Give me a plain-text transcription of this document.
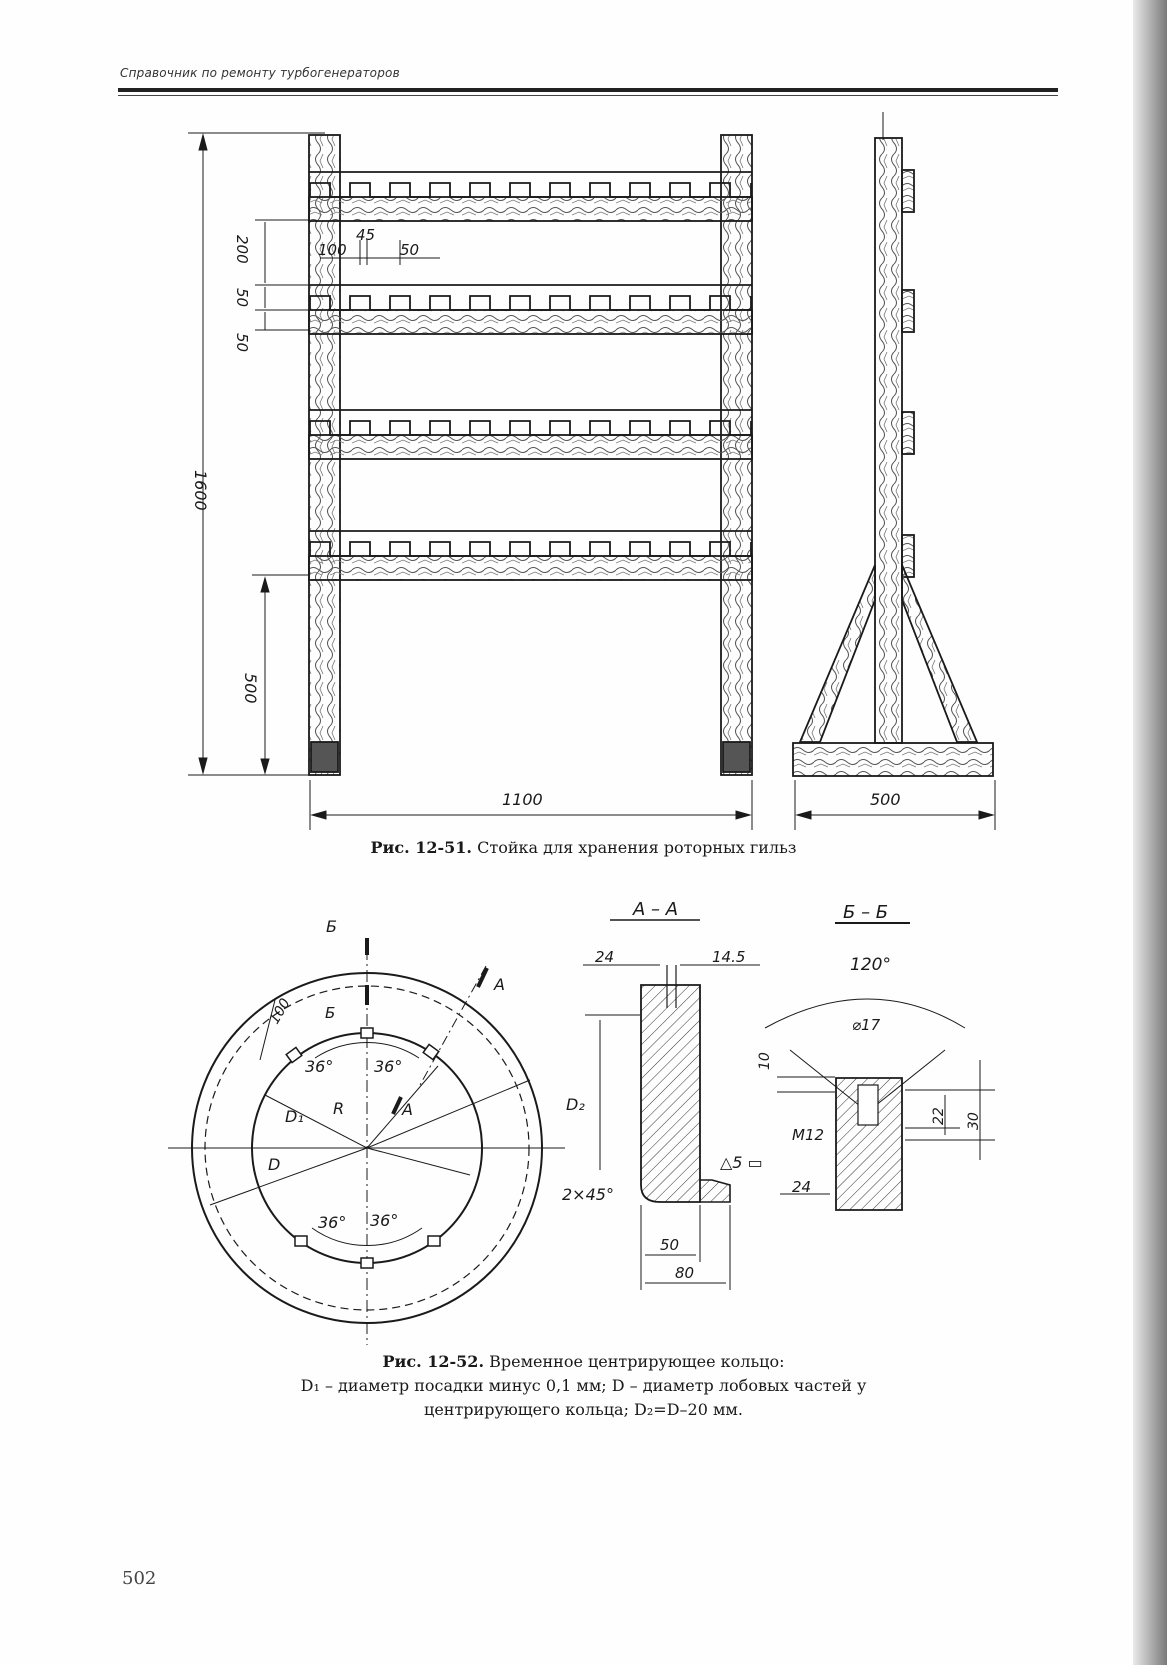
Справочник по ремонту турбогенераторов
100
45
50
1100	500
1600
200
50
50
500
Рис. 12-51. Стойка для хранения роторных гильз
Б
Б
A
A
100
36°	36°
36° 36°
D₁ R
D
A – A
24	14.5
D₂
2×45°
50
80
Б – Б
120°
⌀17
10
22 30
M12
△5 ▭
24
Рис. 12-52. Временное центрирующее кольцо:
D₁ – диаметр посадки минус 0,1 мм; D – диаметр лобовых частей у
центрирующего кольца; D₂=D–20 мм.
502
